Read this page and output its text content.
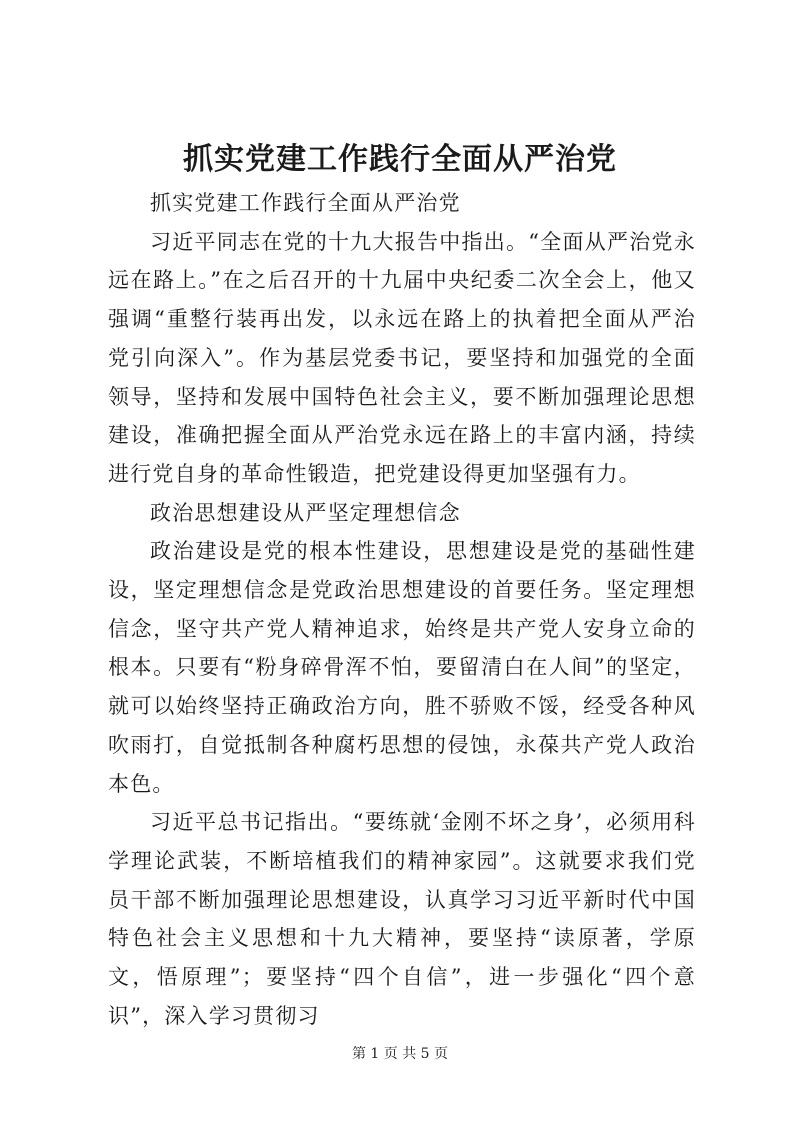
抓实党建工作践行全面从严治党

抓实党建工作践行全面从严治党

习近平同志在党的十九大报告中指出。“全面从严治党永远在路上。”在之后召开的十九届中央纪委二次全会上，他又强调“重整行装再出发，以永远在路上的执着把全面从严治党引向深入”。作为基层党委书记，要坚持和加强党的全面领导，坚持和发展中国特色社会主义，要不断加强理论思想建设，准确把握全面从严治党永远在路上的丰富内涵，持续进行党自身的革命性锻造，把党建设得更加坚强有力。

政治思想建设从严坚定理想信念

政治建设是党的根本性建设，思想建设是党的基础性建设，坚定理想信念是党政治思想建设的首要任务。坚定理想信念，坚守共产党人精神追求，始终是共产党人安身立命的根本。只要有“粉身碎骨浑不怕，要留清白在人间”的坚定，就可以始终坚持正确政治方向，胜不骄败不馁，经受各种风吹雨打，自觉抵制各种腐朽思想的侵蚀，永葆共产党人政治本色。

习近平总书记指出。“要练就‘金刚不坏之身’，必须用科学理论武装，不断培植我们的精神家园”。这就要求我们党员干部不断加强理论思想建设，认真学习习近平新时代中国特色社会主义思想和十九大精神，要坚持“读原著，学原文，悟原理”；要坚持“四个自信”，进一步强化“四个意识”，深入学习贯彻习

第 1 页 共 5 页
